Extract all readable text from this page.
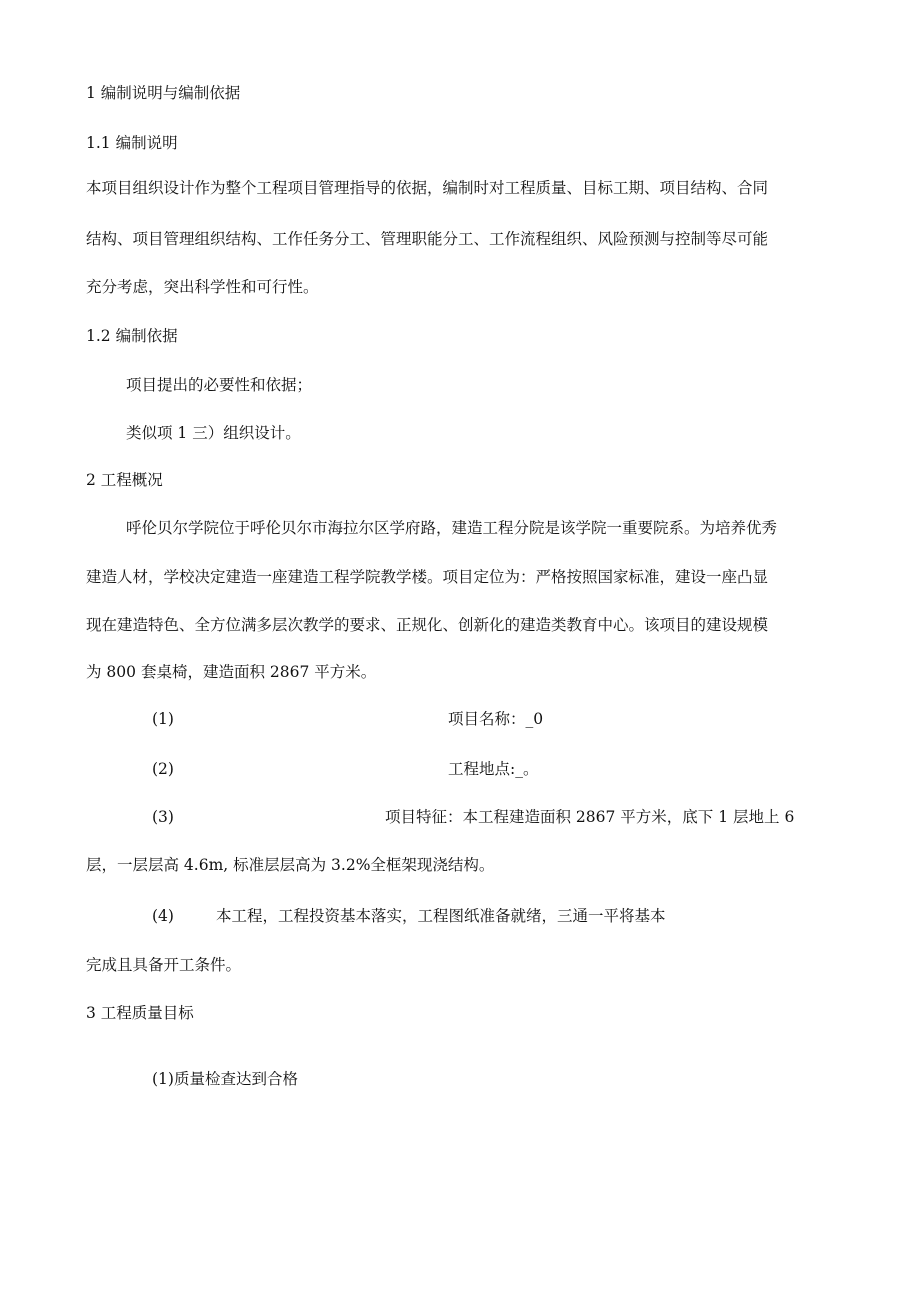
1 编制说明与编制依据
1.1 编制说明
本项目组织设计作为整个工程项目管理指导的依据，编制时对工程质量、目标工期、项目结构、合同
结构、项目管理组织结构、工作任务分工、管理职能分工、工作流程组织、风险预测与控制等尽可能
充分考虑，突出科学性和可行性。
1.2 编制依据
项目提出的必要性和依据；
类似项 1 三）组织设计。
2 工程概况
呼伦贝尔学院位于呼伦贝尔市海拉尔区学府路，建造工程分院是该学院一重要院系。为培养优秀
建造人材，学校决定建造一座建造工程学院教学楼。项目定位为：严格按照国家标准，建设一座凸显
现在建造特色、全方位满多层次教学的要求、正规化、创新化的建造类教育中心。该项目的建设规模
为 800 套桌椅，建造面积 2867 平方米。
(1)	项目名称：_0
(2)	工程地点:_。
(3)	项目特征：本工程建造面积 2867 平方米，底下 1 层地上 6
层，一层层高 4.6m, 标准层层高为 3.2%全框架现浇结构。
(4)	本工程，工程投资基本落实，工程图纸准备就绪，三通一平将基本
完成且具备开工条件。
3 工程质量目标
(1)质量检查达到合格
